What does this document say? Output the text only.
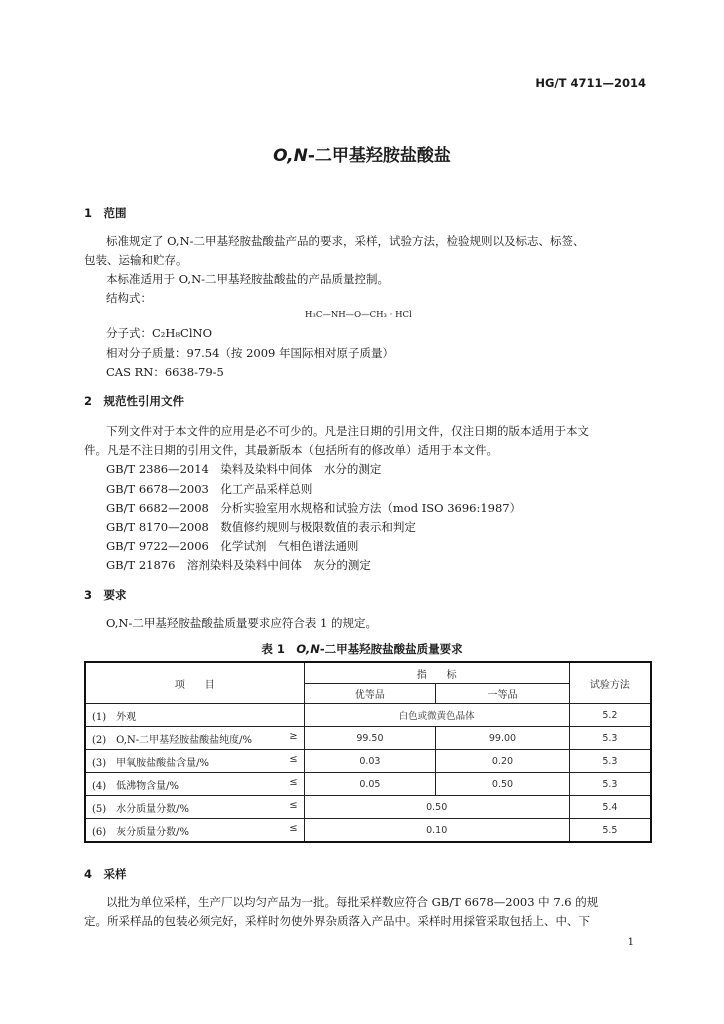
HG/T 4711—2014
O,N-二甲基羟胺盐酸盐
1　范围
标准规定了 O,N-二甲基羟胺盐酸盐产品的要求，采样，试验方法，检验规则以及标志、标签、
包装、运输和贮存。
本标准适用于 O,N-二甲基羟胺盐酸盐的产品质量控制。
结构式：
H₃C—NH—O—CH₃ · HCl
分子式：C₂H₈ClNO
相对分子质量：97.54（按 2009 年国际相对原子质量）
CAS RN：6638-79-5
2　规范性引用文件
下列文件对于本文件的应用是必不可少的。凡是注日期的引用文件，仅注日期的版本适用于本文
件。凡是不注日期的引用文件，其最新版本（包括所有的修改单）适用于本文件。
GB/T 2386—2014　染料及染料中间体　水分的测定
GB/T 6678—2003　化工产品采样总则
GB/T 6682—2008　分析实验室用水规格和试验方法（mod ISO 3696:1987）
GB/T 8170—2008　数值修约规则与极限数值的表示和判定
GB/T 9722—2006　化学试剂　气相色谱法通则
GB/T 21876　溶剂染料及染料中间体　灰分的测定
3　要求
O,N-二甲基羟胺盐酸盐质量要求应符合表 1 的规定。
表 1　O,N-二甲基羟胺盐酸盐质量要求
项　　目	指　　标		试验方法
	优等品	一等品	
(1)　外观	白色或微黄色晶体		5.2
(2)　O,N-二甲基羟胺盐酸盐纯度/% ≥	99.50	99.00	5.3
(3)　甲氧胺盐酸盐含量/% ≤	0.03	0.20	5.3
(4)　低沸物含量/% ≤	0.05	0.50	5.3
(5)　水分质量分数/% ≤	0.50		5.4
(6)　灰分质量分数/% ≤	0.10		5.5
4　采样
以批为单位采样，生产厂以均匀产品为一批。每批采样数应符合 GB/T 6678—2003 中 7.6 的规
定。所采样品的包装必须完好，采样时勿使外界杂质落入产品中。采样时用採管采取包括上、中、下
1
